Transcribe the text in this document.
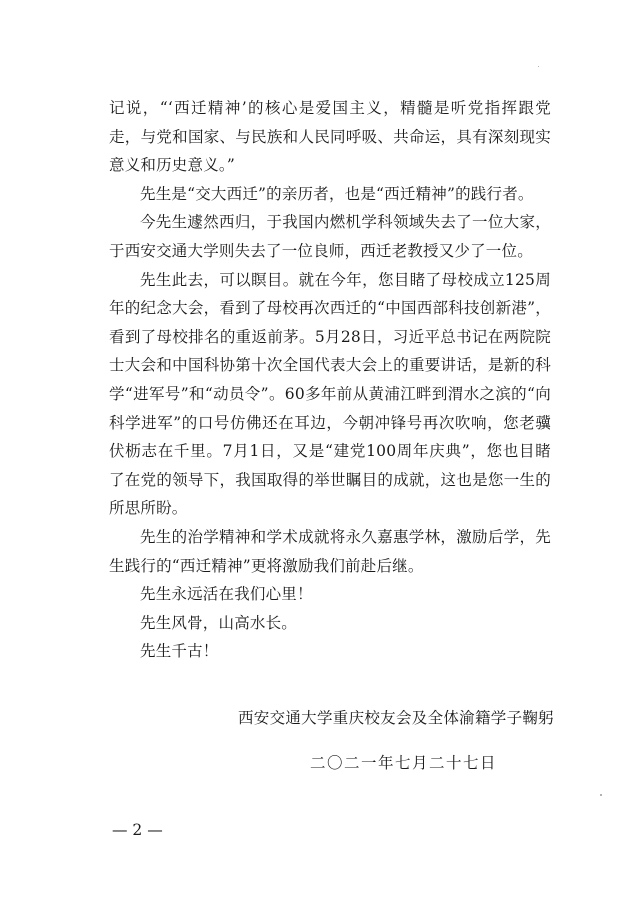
记说，“‘西迁精神’的核心是爱国主义，精髓是听党指挥跟党走，与党和国家、与民族和人民同呼吸、共命运，具有深刻现实意义和历史意义。”

先生是“交大西迁”的亲历者，也是“西迁精神”的践行者。

今先生遽然西归，于我国内燃机学科领域失去了一位大家，于西安交通大学则失去了一位良师，西迁老教授又少了一位。

先生此去，可以瞑目。就在今年，您目睹了母校成立125周年的纪念大会，看到了母校再次西迁的“中国西部科技创新港”，看到了母校排名的重返前茅。5月28日，习近平总书记在两院院士大会和中国科协第十次全国代表大会上的重要讲话，是新的科学“进军号”和“动员令”。60多年前从黄浦江畔到渭水之滨的“向科学进军”的口号仿佛还在耳边，今朝冲锋号再次吹响，您老骥伏枥志在千里。7月1日，又是“建党100周年庆典”，您也目睹了在党的领导下，我国取得的举世瞩目的成就，这也是您一生的所思所盼。

先生的治学精神和学术成就将永久嘉惠学林，激励后学，先生践行的“西迁精神”更将激励我们前赴后继。

先生永远活在我们心里！

先生风骨，山高水长。

先生千古！

西安交通大学重庆校友会及全体渝籍学子鞠躬
二〇二一年七月二十七日
— 2 —
